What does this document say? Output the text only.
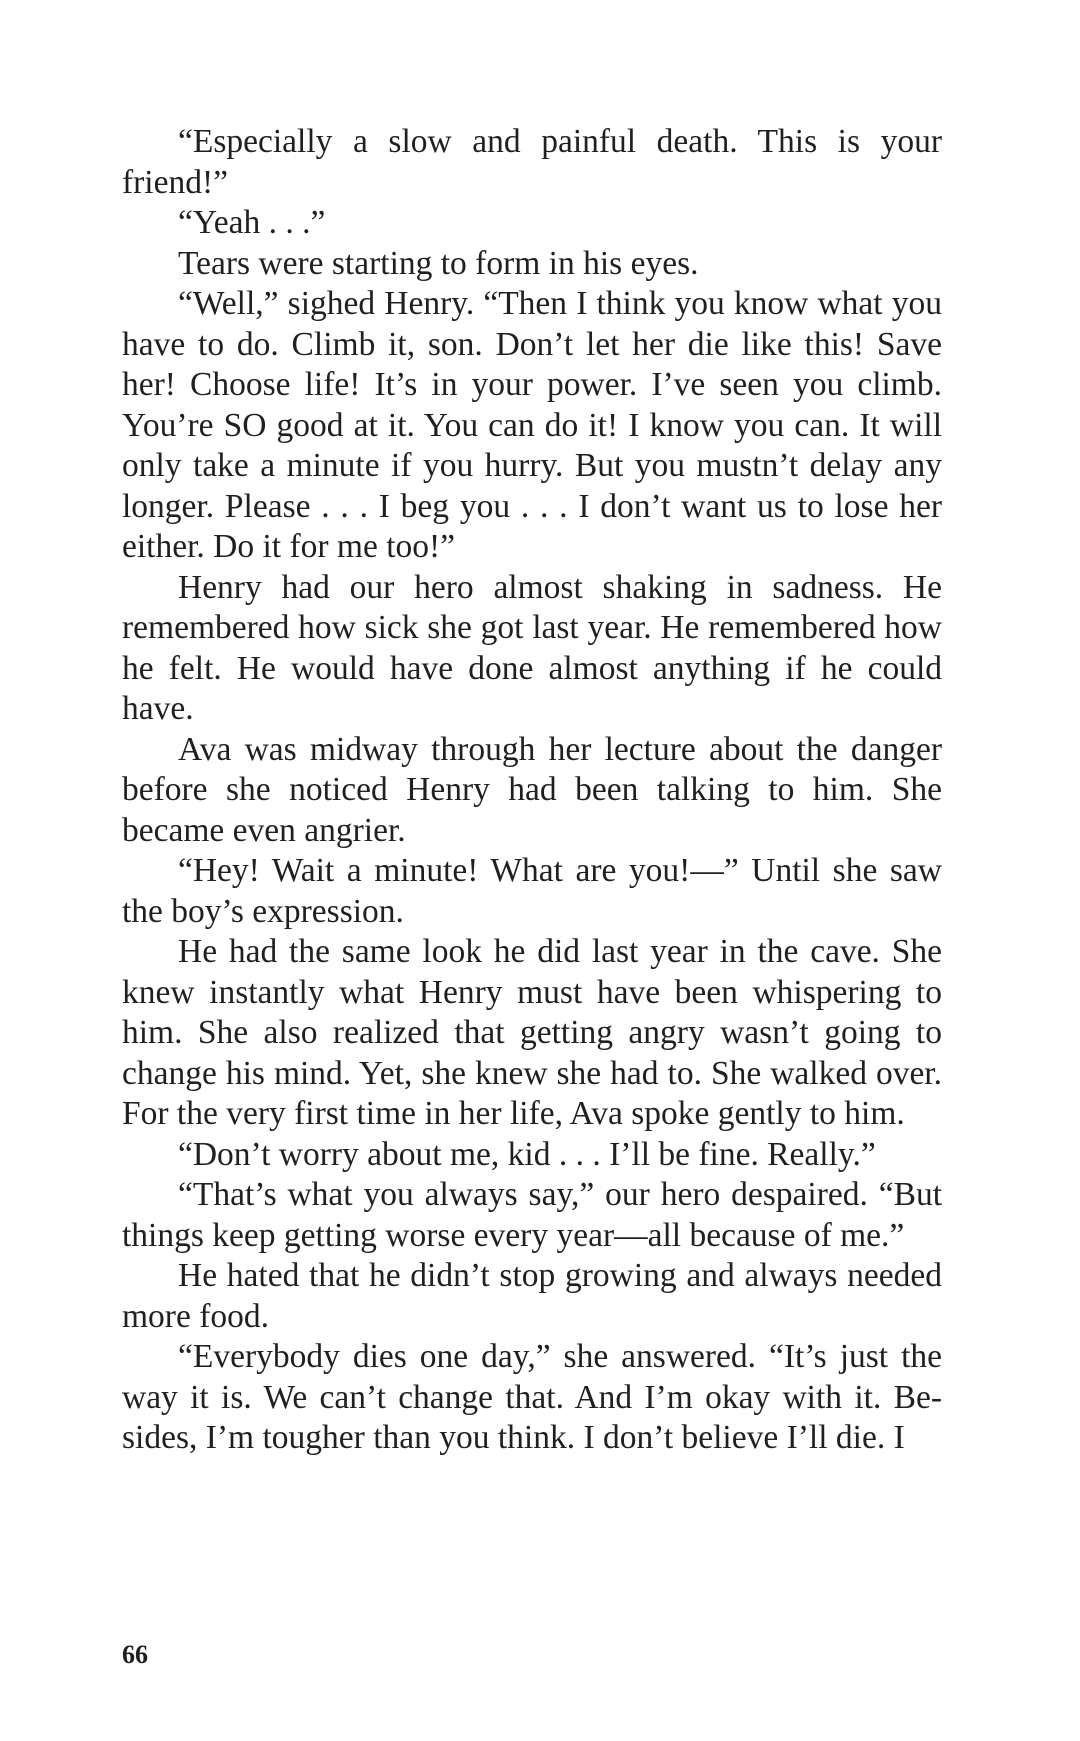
“Especially a slow and painful death. This is your friend!”

“Yeah . . .”

Tears were starting to form in his eyes.

“Well,” sighed Henry. “Then I think you know what you have to do. Climb it, son. Don’t let her die like this! Save her! Choose life! It’s in your power. I’ve seen you climb. You’re SO good at it. You can do it! I know you can. It will only take a minute if you hurry. But you mustn’t delay any longer. Please . . . I beg you . . . I don’t want us to lose her either. Do it for me too!”

Henry had our hero almost shaking in sadness. He remembered how sick she got last year. He remembered how he felt. He would have done almost anything if he could have.

Ava was midway through her lecture about the danger before she noticed Henry had been talking to him. She became even angrier.

“Hey! Wait a minute! What are you!—” Until she saw the boy’s expression.

He had the same look he did last year in the cave. She knew instantly what Henry must have been whispering to him. She also realized that getting angry wasn’t going to change his mind. Yet, she knew she had to. She walked over. For the very first time in her life, Ava spoke gently to him.

“Don’t worry about me, kid . . . I’ll be fine. Really.”

“That’s what you always say,” our hero despaired. “But things keep getting worse every year—all because of me.”

He hated that he didn’t stop growing and always needed more food.

“Everybody dies one day,” she answered. “It’s just the way it is. We can’t change that. And I’m okay with it. Besides, I’m tougher than you think. I don’t believe I’ll die. I

66
